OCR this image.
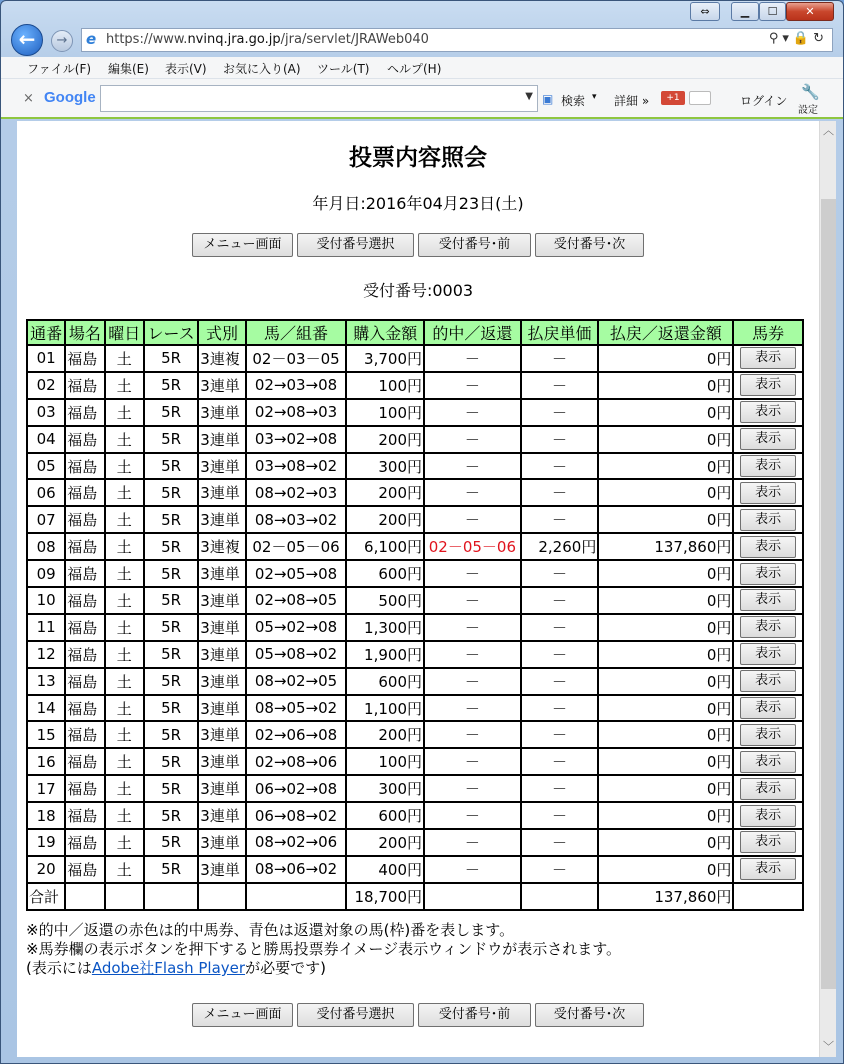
⇔	▁	☐	✕
←	→	e https://www.nvinq.jra.go.jp/jra/servlet/JRAWeb040	⚲▾🔒↻
ファイル(F) 編集(E) 表示(V) お気に入り(A) ツール(T) ヘルプ(H)
× Google	▼ ▣ 検索 ▾ 詳細 »	+1	ログイン 🔧
設定
投票内容照会
年月日:2016年04月23日(土)
メニュー画面	受付番号選択	受付番号･前	受付番号･次
受付番号:0003
通番	場名	曜日	レース	式別	馬／組番	購入金額	的中／返還	払戻単価	払戻／返還金額	馬券
01	福島	土	5R	3連複	02－03－05	3,700円	－	－	0円	表示
02	福島	土	5R	3連単	02→03→08	100円	－	－	0円	表示
03	福島	土	5R	3連単	02→08→03	100円	－	－	0円	表示
04	福島	土	5R	3連単	03→02→08	200円	－	－	0円	表示
05	福島	土	5R	3連単	03→08→02	300円	－	－	0円	表示
06	福島	土	5R	3連単	08→02→03	200円	－	－	0円	表示
07	福島	土	5R	3連単	08→03→02	200円	－	－	0円	表示
08	福島	土	5R	3連複	02－05－06	6,100円	02－05－06	2,260円	137,860円	表示
09	福島	土	5R	3連単	02→05→08	600円	－	－	0円	表示
10	福島	土	5R	3連単	02→08→05	500円	－	－	0円	表示
11	福島	土	5R	3連単	05→02→08	1,300円	－	－	0円	表示
12	福島	土	5R	3連単	05→08→02	1,900円	－	－	0円	表示
13	福島	土	5R	3連単	08→02→05	600円	－	－	0円	表示
14	福島	土	5R	3連単	08→05→02	1,100円	－	－	0円	表示
15	福島	土	5R	3連単	02→06→08	200円	－	－	0円	表示
16	福島	土	5R	3連単	02→08→06	100円	－	－	0円	表示
17	福島	土	5R	3連単	06→02→08	300円	－	－	0円	表示
18	福島	土	5R	3連単	06→08→02	600円	－	－	0円	表示
19	福島	土	5R	3連単	08→02→06	200円	－	－	0円	表示
20	福島	土	5R	3連単	08→06→02	400円	－	－	0円	表示
合計						18,700円			137,860円	
※的中／返還の赤色は的中馬券、青色は返還対象の馬(枠)番を表します。
※馬券欄の表示ボタンを押下すると勝馬投票券イメージ表示ウィンドウが表示されます。
(表示にはAdobe社Flash Playerが必要です)
メニュー画面	受付番号選択	受付番号･前	受付番号･次
︿
﹀
